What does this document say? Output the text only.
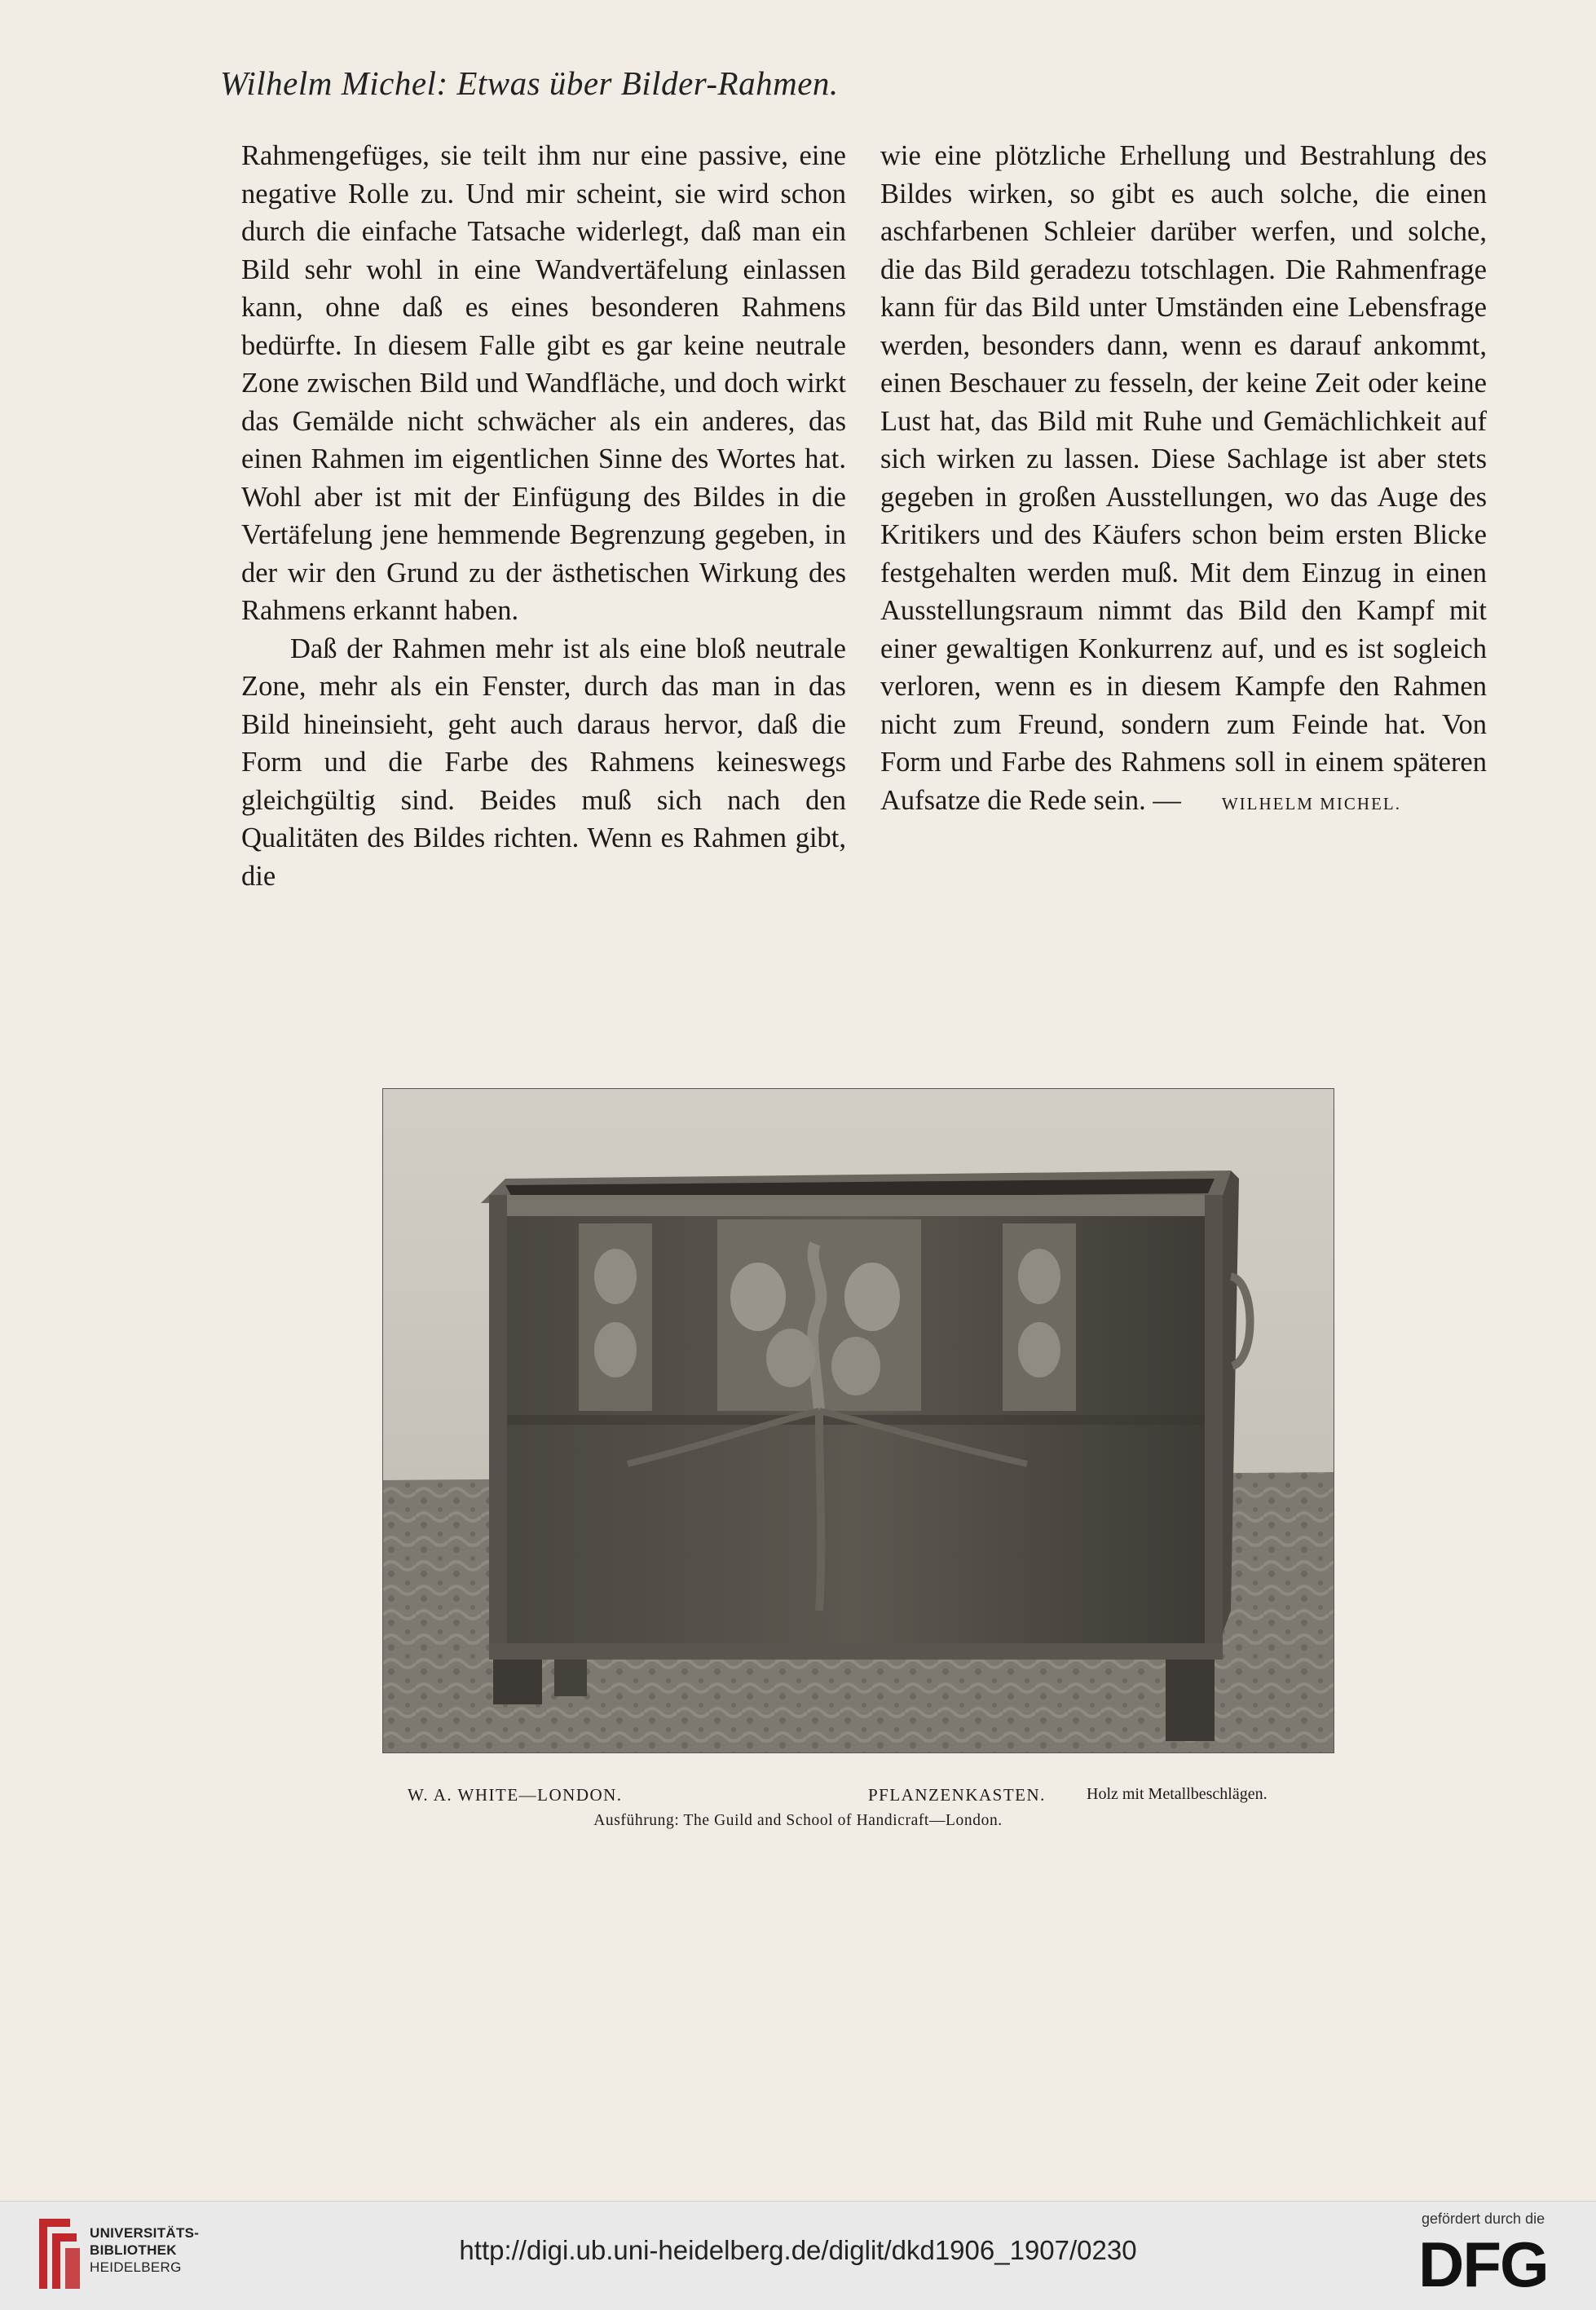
Wilhelm Michel: Etwas über Bilder-Rahmen.

Rahmengefüges, sie teilt ihm nur eine passive, eine negative Rolle zu. Und mir scheint, sie wird schon durch die einfache Tatsache widerlegt, daß man ein Bild sehr wohl in eine Wandvertäfelung einlassen kann, ohne daß es eines besonderen Rahmens bedürfte. In diesem Falle gibt es gar keine neutrale Zone zwischen Bild und Wandfläche, und doch wirkt das Gemälde nicht schwächer als ein anderes, das einen Rahmen im eigentlichen Sinne des Wortes hat. Wohl aber ist mit der Einfügung des Bildes in die Vertäfelung jene hemmende Begrenzung gegeben, in der wir den Grund zu der ästhetischen Wirkung des Rahmens erkannt haben.

Daß der Rahmen mehr ist als eine bloß neutrale Zone, mehr als ein Fenster, durch das man in das Bild hineinsieht, geht auch daraus hervor, daß die Form und die Farbe des Rahmens keineswegs gleichgültig sind. Beides muß sich nach den Qualitäten des Bildes richten. Wenn es Rahmen gibt, die

wie eine plötzliche Erhellung und Bestrahlung des Bildes wirken, so gibt es auch solche, die einen aschfarbenen Schleier darüber werfen, und solche, die das Bild geradezu totschlagen. Die Rahmenfrage kann für das Bild unter Umständen eine Lebensfrage werden, besonders dann, wenn es darauf ankommt, einen Beschauer zu fesseln, der keine Zeit oder keine Lust hat, das Bild mit Ruhe und Gemächlichkeit auf sich wirken zu lassen. Diese Sachlage ist aber stets gegeben in großen Ausstellungen, wo das Auge des Kritikers und des Käufers schon beim ersten Blicke festgehalten werden muß. Mit dem Einzug in einen Ausstellungsraum nimmt das Bild den Kampf mit einer gewaltigen Konkurrenz auf, und es ist sogleich verloren, wenn es in diesem Kampfe den Rahmen nicht zum Freund, sondern zum Feinde hat. Von Form und Farbe des Rahmens soll in einem späteren Aufsatze die Rede sein. — WILHELM MICHEL.

W. A. WHITE—LONDON.	PFLANZENKASTEN.	Holz mit Metallbeschlägen.
Ausführung: The Guild and School of Handicraft—London.
UNIVERSITÄTS-
BIBLIOTHEK
HEIDELBERG
http://digi.ub.uni-heidelberg.de/diglit/dkd1906_1907/0230
gefördert durch die
DFG
